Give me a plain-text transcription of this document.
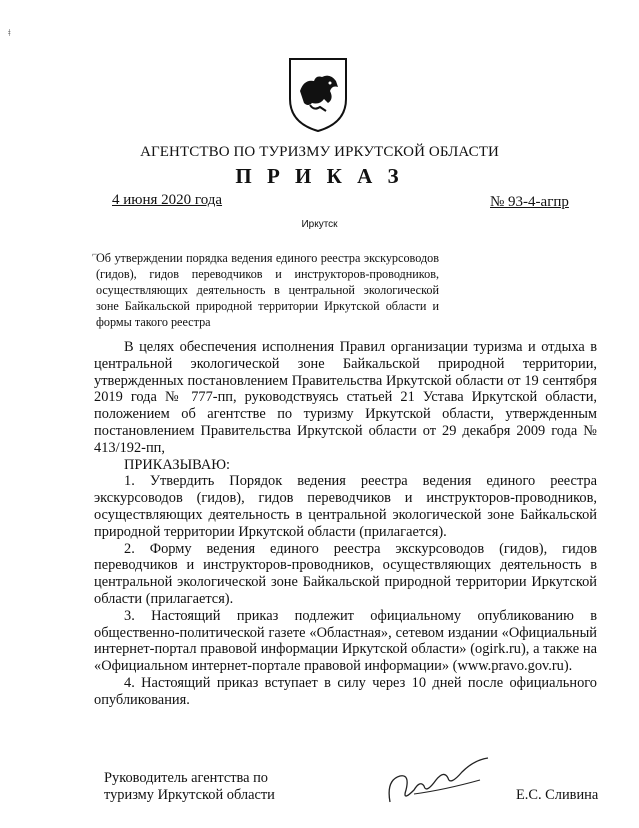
ǂ
АГЕНТСТВО ПО ТУРИЗМУ ИРКУТСКОЙ ОБЛАСТИ
П Р И К А З
4 июня 2020 года	№ 93-4-агпр
Иркутск
⌐
Об утверждении порядка ведения единого реестра экскурсоводов (гидов), гидов переводчиков и инструкторов-проводников, осуществляющих деятельность в центральной экологической зоне Байкальской природной территории Иркутской области и формы такого реестра

В целях обеспечения исполнения Правил организации туризма и отдыха в центральной экологической зоне Байкальской природной территории, утвержденных постановлением Правительства Иркутской области от 19 сентября 2019 года № 777-пп, руководствуясь статьей 21 Устава Иркутской области, положением об агентстве по туризму Иркутской области, утвержденным постановлением Правительства Иркутской области от 29 декабря 2009 года № 413/192-пп,

ПРИКАЗЫВАЮ:

1. Утвердить Порядок ведения реестра ведения единого реестра экскурсоводов (гидов), гидов переводчиков и инструкторов-проводников, осуществляющих деятельность в центральной экологической зоне Байкальской природной территории Иркутской области (прилагается).

2. Форму ведения единого реестра экскурсоводов (гидов), гидов переводчиков и инструкторов-проводников, осуществляющих деятельность в центральной экологической зоне Байкальской природной территории Иркутской области (прилагается).

3. Настоящий приказ подлежит официальному опубликованию в общественно-политической газете «Областная», сетевом издании «Официальный интернет-портал правовой информации Иркутской области» (ogirk.ru), а также на «Официальном интернет-портале правовой информации» (www.pravo.gov.ru).

4. Настоящий приказ вступает в силу через 10 дней после официального опубликования.

Руководитель агентства по
туризму Иркутской области	Е.С. Сливина
